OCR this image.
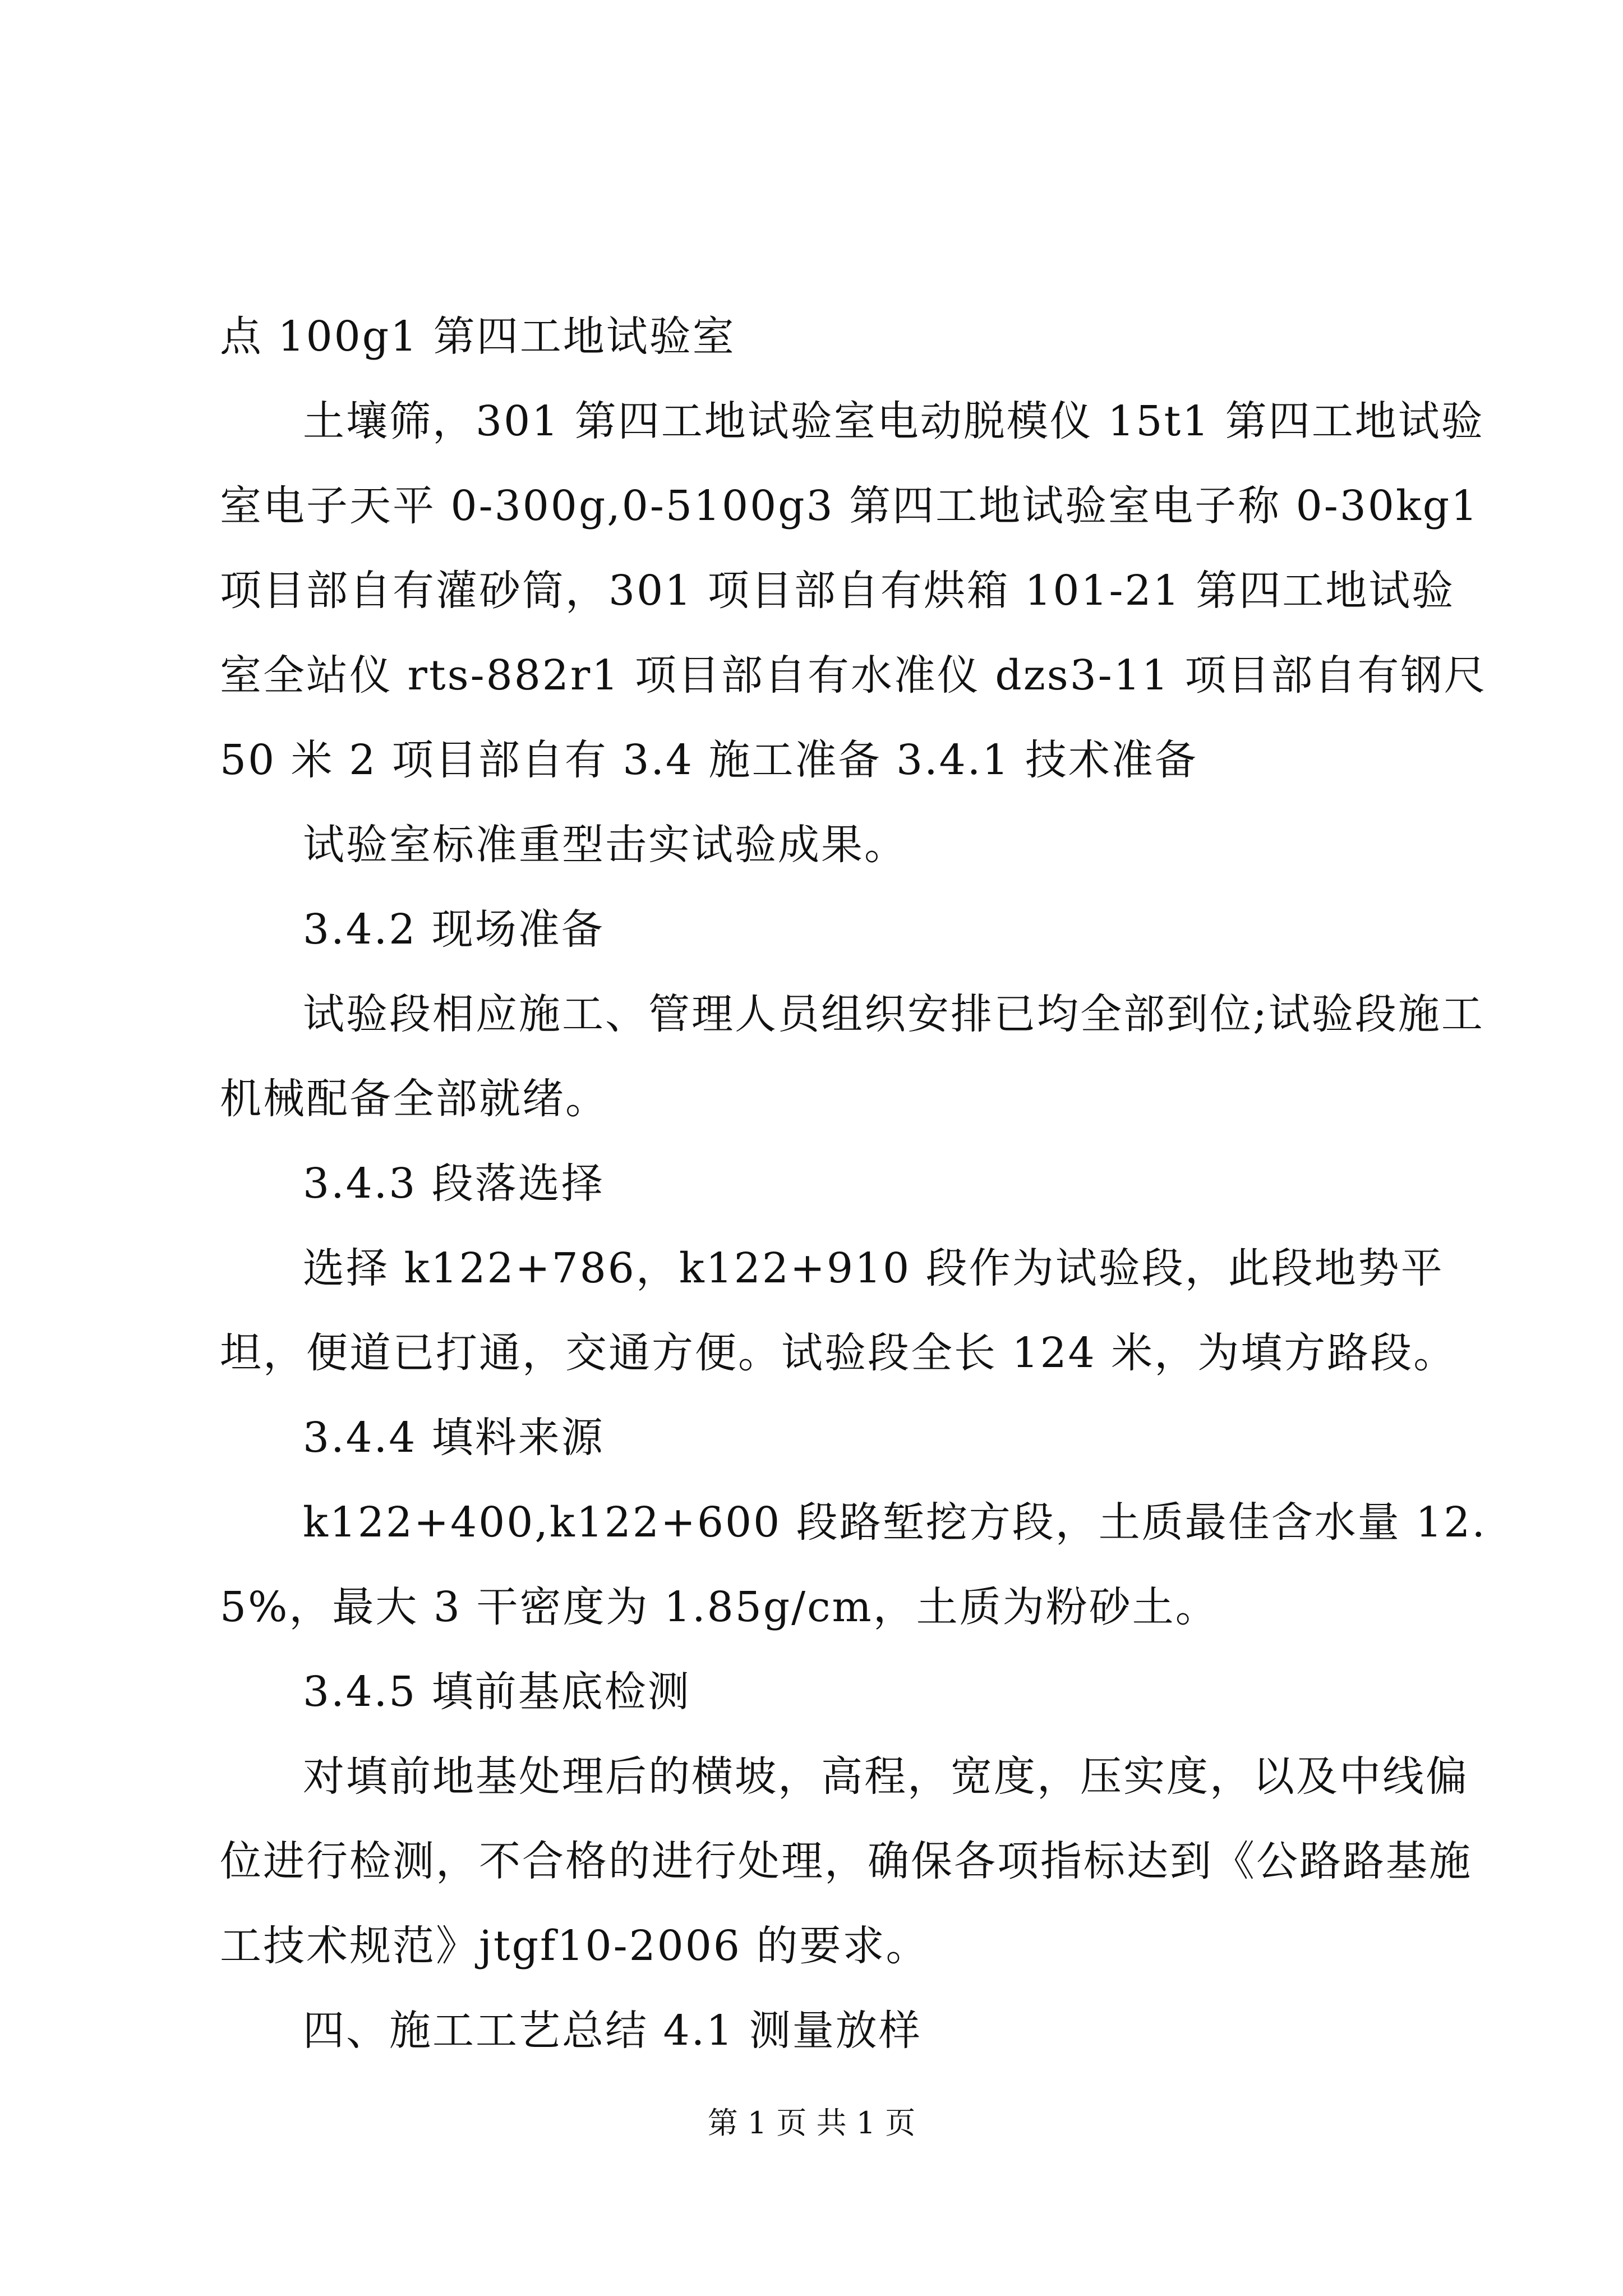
点 100g1 第四工地试验室

土壤筛，301 第四工地试验室电动脱模仪 15t1 第四工地试验室电子天平 0-300g,0-5100g3 第四工地试验室电子称 0-30kg1 项目部自有灌砂筒，301 项目部自有烘箱 101-21 第四工地试验室全站仪 rts-882r1 项目部自有水准仪 dzs3-11 项目部自有钢尺 50 米 2 项目部自有 3.4 施工准备 3.4.1 技术准备

试验室标准重型击实试验成果。

3.4.2 现场准备

试验段相应施工、管理人员组织安排已均全部到位;试验段施工机械配备全部就绪。

3.4.3 段落选择

选择 k122+786，k122+910 段作为试验段，此段地势平坦，便道已打通，交通方便。试验段全长 124 米，为填方路段。

3.4.4 填料来源

k122+400,k122+600 段路堑挖方段，土质最佳含水量 12.5%，最大 3 干密度为 1.85g/cm，土质为粉砂土。

3.4.5 填前基底检测

对填前地基处理后的横坡，高程，宽度，压实度，以及中线偏位进行检测，不合格的进行处理，确保各项指标达到《公路路基施工技术规范》jtgf10-2006 的要求。

四、施工工艺总结 4.1 测量放样

第 1 页 共 1 页
